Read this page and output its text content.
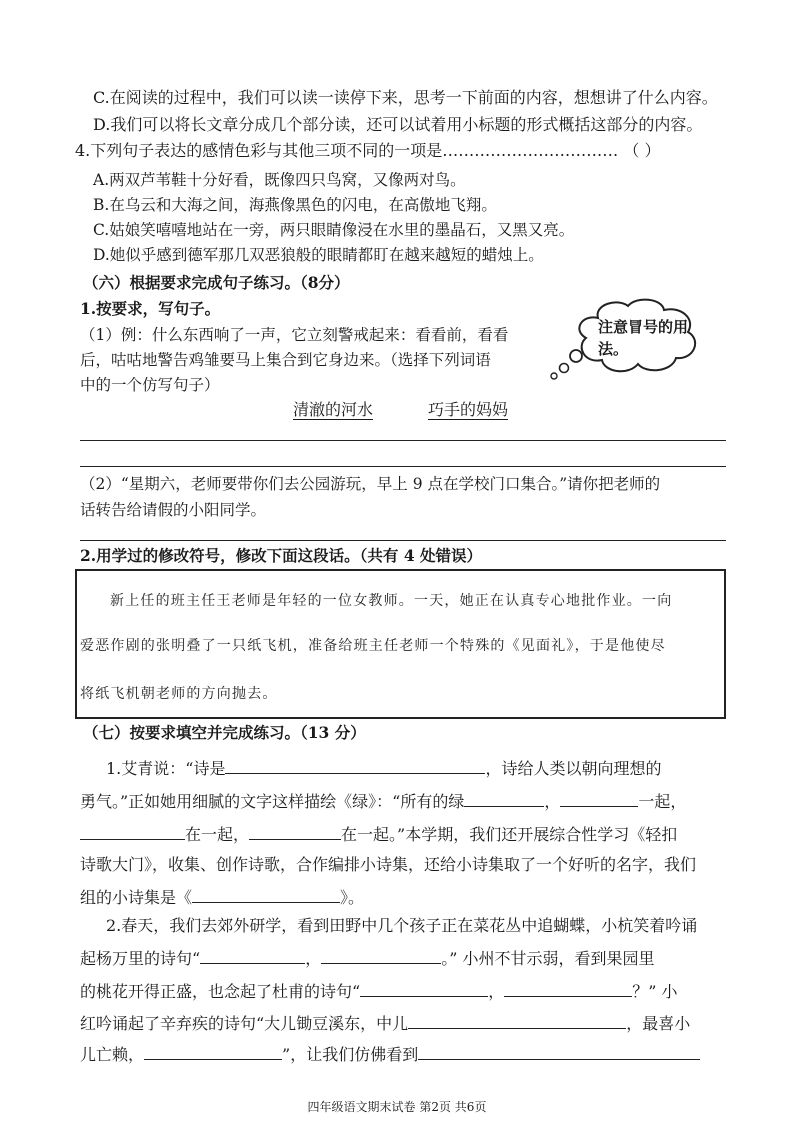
C.在阅读的过程中，我们可以读一读停下来，思考一下前面的内容，想想讲了什么内容。
D.我们可以将长文章分成几个部分读，还可以试着用小标题的形式概括这部分的内容。
4.下列句子表达的感情色彩与其他三项不同的一项是…………………………… （ ）
A.两双芦苇鞋十分好看，既像四只鸟窝，又像两对鸟。
B.在乌云和大海之间，海燕像黑色的闪电，在高傲地飞翔。
C.姑娘笑嘻嘻地站在一旁，两只眼睛像浸在水里的墨晶石，又黑又亮。
D.她似乎感到德军那几双恶狼般的眼睛都盯在越来越短的蜡烛上。
（六）根据要求完成句子练习。（8分）
1.按要求，写句子。
（1）例：什么东西响了一声，它立刻警戒起来：看看前，看看
后，咕咕地警告鸡雏要马上集合到它身边来。（选择下列词语
中的一个仿写句子）
注意冒号的用法。
清澈的河水	巧手的妈妈
（2）“星期六，老师要带你们去公园游玩，早上 9 点在学校门口集合。”请你把老师的
话转告给请假的小阳同学。
2.用学过的修改符号，修改下面这段话。（共有 4 处错误）
新上任的班主任王老师是年轻的一位女教师。一天，她正在认真专心地批作业。一向
爱恶作剧的张明叠了一只纸飞机，准备给班主任老师一个特殊的《见面礼》，于是他使尽
将纸飞机朝老师的方向抛去。
（七）按要求填空并完成练习。（13 分）
1.艾青说：“诗是	，诗给人类以朝向理想的
勇气。”正如她用细腻的文字这样描绘《绿》：“所有的绿	，	一起，
在一起，	在一起。”本学期，我们还开展综合性学习《轻扣
诗歌大门》，收集、创作诗歌，合作编排小诗集，还给小诗集取了一个好听的名字，我们
组的小诗集是《	》。
2.春天，我们去郊外研学，看到田野中几个孩子正在菜花丛中追蝴蝶，小杭笑着吟诵
起杨万里的诗句“	，	。” 小州不甘示弱，看到果园里
的桃花开得正盛，也念起了杜甫的诗句“	，	？” 小
红吟诵起了辛弃疾的诗句“大儿锄豆溪东，中儿	，最喜小
儿亡赖，	”，让我们仿佛看到
四年级语文期末试卷 第2页 共6页
